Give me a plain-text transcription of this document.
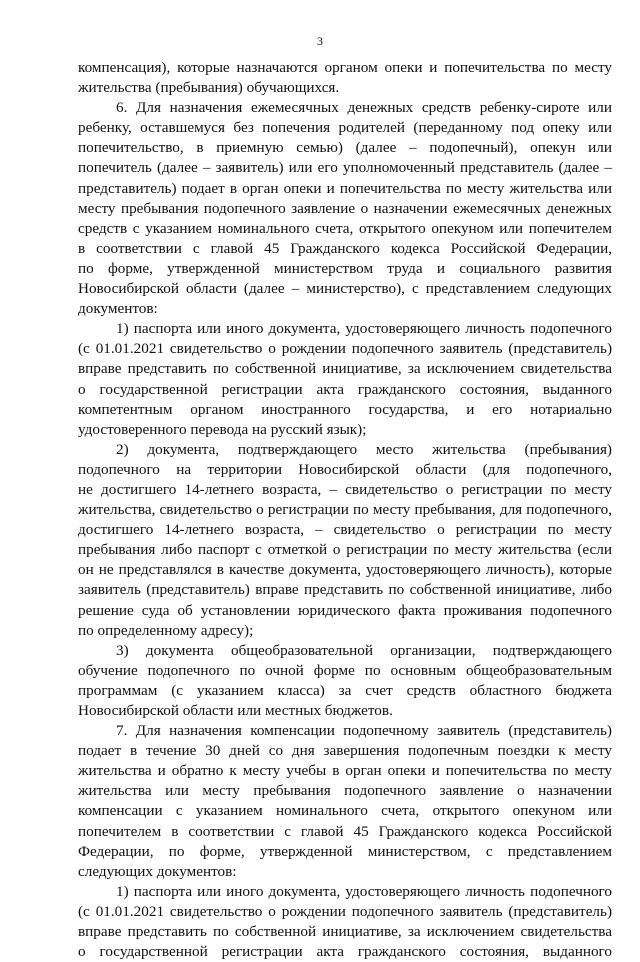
3
компенсация), которые назначаются органом опеки и попечительства по месту
жительства (пребывания) обучающихся.
6. Для назначения ежемесячных денежных средств ребенку-сироте или
ребенку, оставшемуся без попечения родителей (переданному под опеку или
попечительство, в приемную семью) (далее – подопечный), опекун или
попечитель (далее – заявитель) или его уполномоченный представитель (далее –
представитель) подает в орган опеки и попечительства по месту жительства или
месту пребывания подопечного заявление о назначении ежемесячных денежных
средств с указанием номинального счета, открытого опекуном или попечителем
в соответствии с главой 45 Гражданского кодекса Российской Федерации,
по форме, утвержденной министерством труда и социального развития
Новосибирской области (далее – министерство), с представлением следующих
документов:
1) паспорта или иного документа, удостоверяющего личность подопечного
(с 01.01.2021 свидетельство о рождении подопечного заявитель (представитель)
вправе представить по собственной инициативе, за исключением свидетельства
о государственной регистрации акта гражданского состояния, выданного
компетентным органом иностранного государства, и его нотариально
удостоверенного перевода на русский язык);
2) документа, подтверждающего место жительства (пребывания)
подопечного на территории Новосибирской области (для подопечного,
не достигшего 14-летнего возраста, – свидетельство о регистрации по месту
жительства, свидетельство о регистрации по месту пребывания, для подопечного,
достигшего 14-летнего возраста, – свидетельство о регистрации по месту
пребывания либо паспорт с отметкой о регистрации по месту жительства (если
он не представлялся в качестве документа, удостоверяющего личность), которые
заявитель (представитель) вправе представить по собственной инициативе, либо
решение суда об установлении юридического факта проживания подопечного
по определенному адресу);
3) документа общеобразовательной организации, подтверждающего
обучение подопечного по очной форме по основным общеобразовательным
программам (с указанием класса) за счет средств областного бюджета
Новосибирской области или местных бюджетов.
7. Для назначения компенсации подопечному заявитель (представитель)
подает в течение 30 дней со дня завершения подопечным поездки к месту
жительства и обратно к месту учебы в орган опеки и попечительства по месту
жительства или месту пребывания подопечного заявление о назначении
компенсации с указанием номинального счета, открытого опекуном или
попечителем в соответствии с главой 45 Гражданского кодекса Российской
Федерации, по форме, утвержденной министерством, с представлением
следующих документов:
1) паспорта или иного документа, удостоверяющего личность подопечного
(с 01.01.2021 свидетельство о рождении подопечного заявитель (представитель)
вправе представить по собственной инициативе, за исключением свидетельства
о государственной регистрации акта гражданского состояния, выданного
